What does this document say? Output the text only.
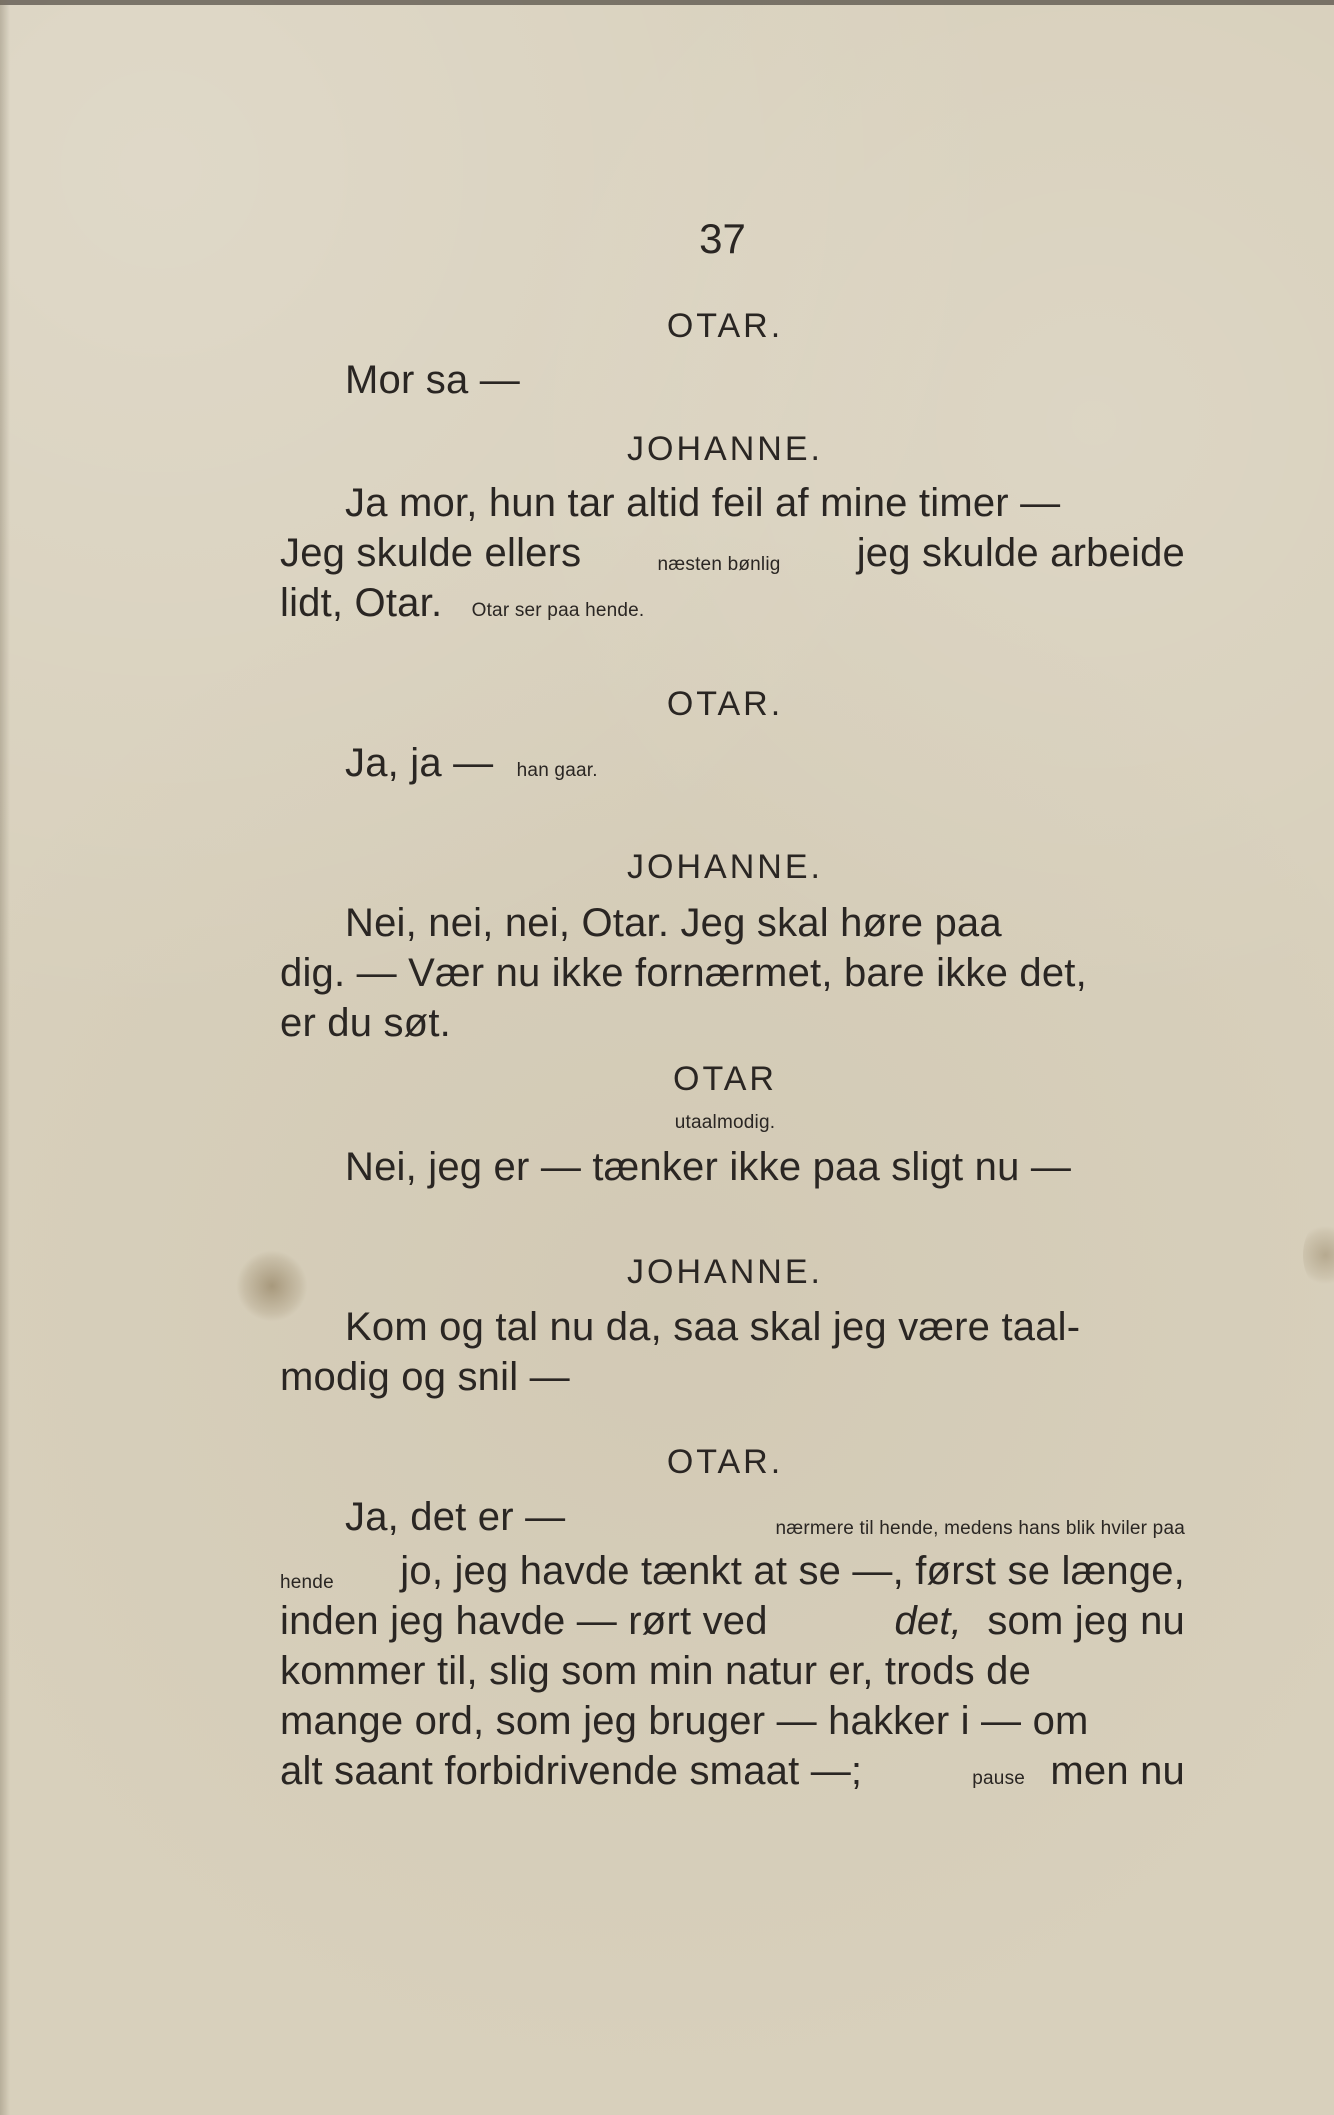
37
OTAR.
Mor sa —
JOHANNE.
Ja mor, hun tar altid feil af mine timer —
Jeg skulde ellers	næsten bønlig jeg skulde arbeide
lidt, Otar. Otar ser paa hende.
OTAR.
Ja, ja — han gaar.
JOHANNE.
Nei, nei, nei, Otar. Jeg skal høre paa
dig. — Vær nu ikke fornærmet, bare ikke det,
er du søt.
OTAR
utaalmodig.
Nei, jeg er — tænker ikke paa sligt nu —
JOHANNE.
Kom og tal nu da, saa skal jeg være taal-
modig og snil —
OTAR.
Ja, det er —	nærmere til hende, medens hans blik hviler paa
hende jo, jeg havde tænkt at se —, først se længe,
inden jeg havde — rørt ved	det, som jeg nu
kommer til, slig som min natur er, trods de
mange ord, som jeg bruger — hakker i — om
alt saant forbidrivende smaat —;	pause men nu
